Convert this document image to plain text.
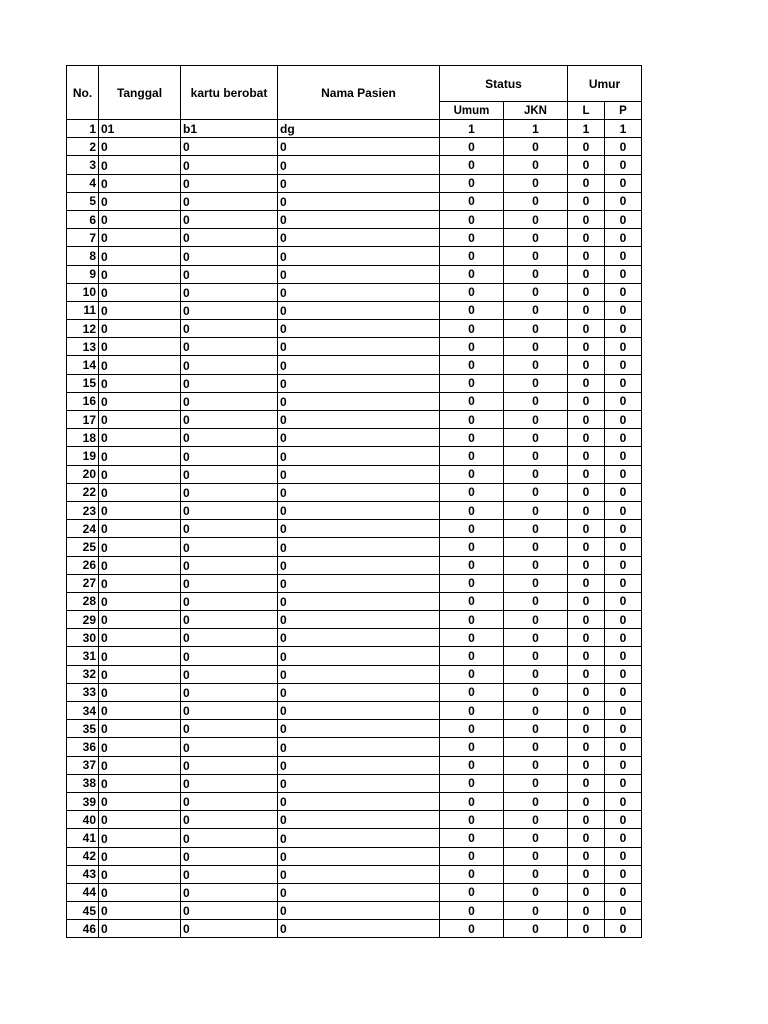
No.	Tanggal	kartu berobat	Nama Pasien	Status		Umur	
				Umum	JKN	L	P
1	01	b1	dg	1	1	1	1
2	0	0	0	0	0	0	0
3	0	0	0	0	0	0	0
4	0	0	0	0	0	0	0
5	0	0	0	0	0	0	0
6	0	0	0	0	0	0	0
7	0	0	0	0	0	0	0
8	0	0	0	0	0	0	0
9	0	0	0	0	0	0	0
10	0	0	0	0	0	0	0
11	0	0	0	0	0	0	0
12	0	0	0	0	0	0	0
13	0	0	0	0	0	0	0
14	0	0	0	0	0	0	0
15	0	0	0	0	0	0	0
16	0	0	0	0	0	0	0
17	0	0	0	0	0	0	0
18	0	0	0	0	0	0	0
19	0	0	0	0	0	0	0
20	0	0	0	0	0	0	0
22	0	0	0	0	0	0	0
23	0	0	0	0	0	0	0
24	0	0	0	0	0	0	0
25	0	0	0	0	0	0	0
26	0	0	0	0	0	0	0
27	0	0	0	0	0	0	0
28	0	0	0	0	0	0	0
29	0	0	0	0	0	0	0
30	0	0	0	0	0	0	0
31	0	0	0	0	0	0	0
32	0	0	0	0	0	0	0
33	0	0	0	0	0	0	0
34	0	0	0	0	0	0	0
35	0	0	0	0	0	0	0
36	0	0	0	0	0	0	0
37	0	0	0	0	0	0	0
38	0	0	0	0	0	0	0
39	0	0	0	0	0	0	0
40	0	0	0	0	0	0	0
41	0	0	0	0	0	0	0
42	0	0	0	0	0	0	0
43	0	0	0	0	0	0	0
44	0	0	0	0	0	0	0
45	0	0	0	0	0	0	0
46	0	0	0	0	0	0	0
